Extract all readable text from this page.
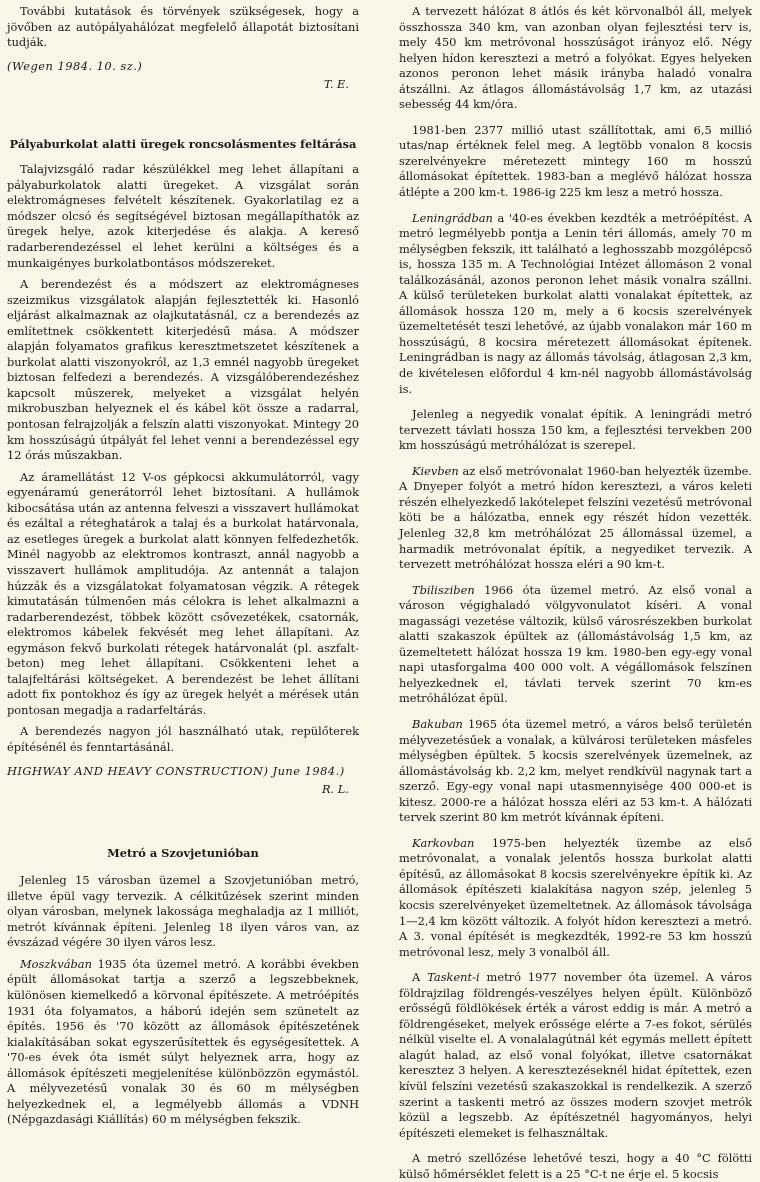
További kutatások és törvények szükségesek, hogy a jövőben az autópályahálózat megfelelő állapotát biztosítani tudják.

(Wegen 1984. 10. sz.)

T. E.

Pályaburkolat alatti üregek roncsolásmentes feltárása

Talajvizsgáló radar készülékkel meg lehet állapítani a pályaburkolatok alatti üregeket. A vizsgálat során elektromágneses felvételt készítenek. Gyakorlatilag ez a módszer olcsó és segítségével biztosan megállapíthatók az üregek helye, azok kiterjedése és alakja. A kereső radarberendezéssel el lehet kerülni a költséges és a munkaigényes burkolatbontásos módszereket.

A berendezést és a módszert az elektromágneses szeizmikus vizsgálatok alapján fejlesztették ki. Hasonló eljárást alkalmaznak az olajkutatásnál, cz a berendezés az említettnek csökkentett kiterjedésű mása. A módszer alapján folyamatos grafikus keresztmetszetet készítenek a burkolat alatti viszonyokról, az 1,3 emnél nagyobb üregeket biztosan felfedezi a berendezés. A vizsgálóberendezéshez kapcsolt műszerek, melyeket a vizsgálat helyén mikrobuszban helyeznek el és kábel köt össze a radarral, pontosan felrajzolják a felszín alatti viszonyokat. Mintegy 20 km hosszúságú útpályát fel lehet venni a berendezéssel egy 12 órás műszakban.

Az áramellátást 12 V-os gépkocsi akkumulátorról, vagy egyenáramú generátorról lehet biztosítani. A hullámok kibocsátása után az antenna felveszi a visszavert hullámokat és ezáltal a réteghatárok a talaj és a burkolat határvonala, az esetleges üregek a burkolat alatt könnyen felfedezhetők. Minél nagyobb az elektromos kontraszt, annál nagyobb a visszavert hullámok amplitudója. Az antennát a talajon húzzák és a vizsgálatokat folyamatosan végzik. A rétegek kimutatásán túlmenően más célokra is lehet alkalmazni a radarberendezést, többek között csővezetékek, csatornák, elektromos kábelek fekvését meg lehet állapítani. Az egymáson fekvő burkolati rétegek határvonalát (pl. aszfalt-beton) meg lehet állapítani. Csökkenteni lehet a talajfeltárási költségeket. A berendezést be lehet állítani adott fix pontokhoz és így az üregek helyét a mérések után pontosan megadja a radarfeltárás.

A berendezés nagyon jól használható utak, repülőterek építésénél és fenntartásánál.

HIGHWAY AND HEAVY CONSTRUCTION) June 1984.)

R. L.

Metró a Szovjetunióban

Jelenleg 15 városban üzemel a Szovjetunióban metró, illetve épül vagy tervezik. A célkitűzések szerint minden olyan városban, melynek lakossága meghaladja az 1 milliót, metrót kívánnak építeni. Jelenleg 18 ilyen város van, az évszázad végére 30 ilyen város lesz.

Moszkvában 1935 óta üzemel metró. A korábbi években épült állomásokat tartja a szerző a legszebbeknek, különösen kiemelkedő a körvonal építészete. A metróépítés 1931 óta folyamatos, a háború idején sem szünetelt az építés. 1956 és '70 között az állomások építészetének kialakításában sokat egyszerűsítettek és egységesítettek. A '70-es évek óta ismét súlyt helyeznek arra, hogy az állomások építészeti megjelenítése különbözzön egymástól. A mélyvezetésű vonalak 30 és 60 m mélységben helyezkednek el, a legmélyebb állomás a VDNH (Népgazdasági Kiállítás) 60 m mélységben fekszik.

A tervezett hálózat 8 átlós és két körvonalból áll, melyek összhossza 340 km, van azonban olyan fejlesztési terv is, mely 450 km metróvonal hosszúságot irányoz elő. Négy helyen hídon keresztezi a metró a folyókat. Egyes helyeken azonos peronon lehet másik irányba haladó vonalra átszállni. Az átlagos állomástávolság 1,7 km, az utazási sebesség 44 km/óra.

1981-ben 2377 millió utast szállítottak, ami 6,5 millió utas/nap értéknek felel meg. A legtöbb vonalon 8 kocsis szerelvényekre méretezett mintegy 160 m hosszú állomásokat építettek. 1983-ban a meglévő hálózat hossza átlépte a 200 km-t. 1986-ig 225 km lesz a metró hossza.

Leningrádban a '40-es években kezdték a metróépítést. A metró legmélyebb pontja a Lenin téri állomás, amely 70 m mélységben fekszik, itt található a leghosszabb mozgólépcső is, hossza 135 m. A Technológiai Intézet állomáson 2 vonal találkozásánál, azonos peronon lehet másik vonalra szállni. A külső területeken burkolat alatti vonalakat építettek, az állomások hossza 120 m, mely a 6 kocsis szerelvények üzemeltetését teszi lehetővé, az újabb vonalakon már 160 m hosszúságú, 8 kocsira méretezett állomásokat építenek. Leningrádban is nagy az állomás távolság, átlagosan 2,3 km, de kivételesen előfordul 4 km-nél nagyobb állomástávolság is.

Jelenleg a negyedik vonalat építik. A leningrádi metró tervezett távlati hossza 150 km, a fejlesztési tervekben 200 km hosszúságú metróhálózat is szerepel.

Kievben az első metróvonalat 1960-ban helyezték üzembe. A Dnyeper folyót a metró hídon keresztezi, a város keleti részén elhelyezkedő lakótelepet felszíni vezetésű metróvonal köti be a hálózatba, ennek egy részét hídon vezették. Jelenleg 32,8 km metróhálózat 25 állomással üzemel, a harmadik metróvonalat építik, a negyediket tervezik. A tervezett metróhálózat hossza eléri a 90 km-t.

Tbilisziben 1966 óta üzemel metró. Az első vonal a városon végighaladó völgyvonulatot kíséri. A vonal magassági vezetése változik, külső városrészekben burkolat alatti szakaszok épültek az (állomástávolság 1,5 km, az üzemeltetett hálózat hossza 19 km. 1980-ben egy-egy vonal napi utasforgalma 400 000 volt. A végállomások felszínen helyezkednek el, távlati tervek szerint 70 km-es metróhálózat épül.

Bakuban 1965 óta üzemel metró, a város belső területén mélyvezetésűek a vonalak, a külvárosi területeken másfeles mélységben épültek. 5 kocsis szerelvények üzemelnek, az állomástávolság kb. 2,2 km, melyet rendkívül nagynak tart a szerző. Egy-egy vonal napi utasmennyisége 400 000-et is kitesz. 2000-re a hálózat hossza eléri az 53 km-t. A hálózati tervek szerint 80 km metrót kívánnak építeni.

Karkovban 1975-ben helyezték üzembe az első metróvonalat, a vonalak jelentős hossza burkolat alatti építésű, az állomásokat 8 kocsis szerelvényekre építik ki. Az állomások építészeti kialakítása nagyon szép, jelenleg 5 kocsis szerelvényeket üzemeltetnek. Az állomások távolsága 1—2,4 km között változik. A folyót hídon keresztezi a metró. A 3. vonal építését is megkezdték, 1992-re 53 km hosszú metróvonal lesz, mely 3 vonalból áll.

A Taskent-i metró 1977 november óta üzemel. A város földrajzilag földrengés-veszélyes helyen épült. Különböző erősségű földlökések érték a várost eddig is már. A metró a földrengéseket, melyek erőssége elérte a 7-es fokot, sérülés nélkül viselte el. A vonalalagútnál két egymás mellett épített alagút halad, az első vonal folyókat, illetve csatornákat keresztez 3 helyen. A keresztezéseknél hidat építettek, ezen kívül felszíni vezetésű szakaszokkal is rendelkezik. A szerző szerint a taskenti metró az összes modern szovjet metrók közül a legszebb. Az építészetnél hagyományos, helyi építészeti elemeket is felhasználtak.

A metró szellőzése lehetővé teszi, hogy a 40 °C fölötti külső hőmérséklet felett is a 25 °C-t ne érje el. 5 kocsis
